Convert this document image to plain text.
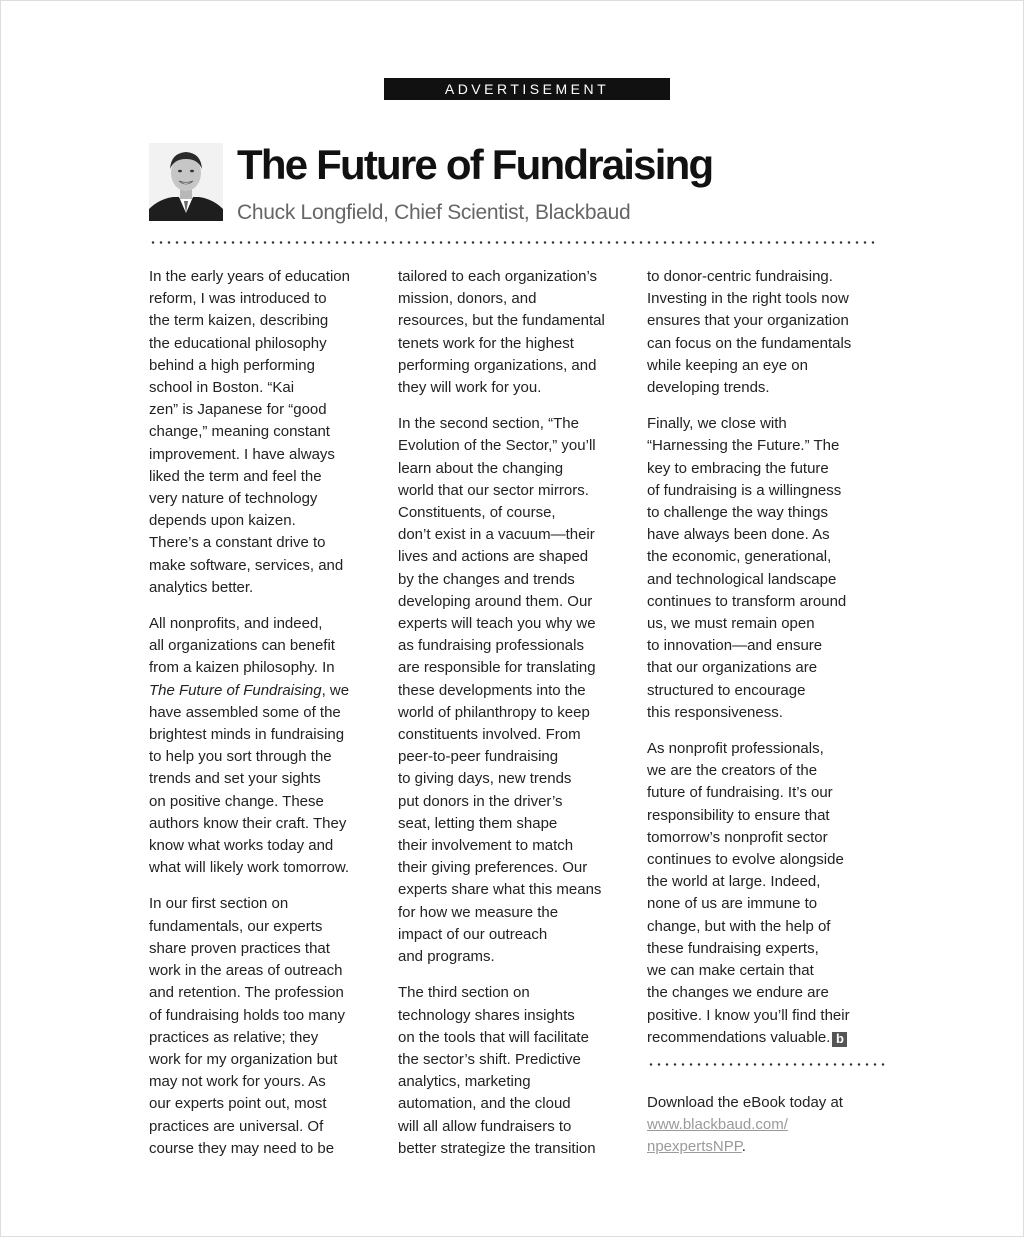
ADVERTISEMENT
The Future of Fundraising
Chuck Longfield, Chief Scientist, Blackbaud

In the early years of education
reform, I was introduced to
the term kaizen, describing
the educational philosophy
behind a high performing
school in Boston. “Kai
zen” is Japanese for “good
change,” meaning constant
improvement. I have always
liked the term and feel the
very nature of technology
depends upon kaizen.
There’s a constant drive to
make software, services, and
analytics better.

All nonprofits, and indeed,
all organizations can benefit
from a kaizen philosophy. In
The Future of Fundraising, we
have assembled some of the
brightest minds in fundraising
to help you sort through the
trends and set your sights
on positive change. These
authors know their craft. They
know what works today and
what will likely work tomorrow.

In our first section on
fundamentals, our experts
share proven practices that
work in the areas of outreach
and retention. The profession
of fundraising holds too many
practices as relative; they
work for my organization but
may not work for yours. As
our experts point out, most
practices are universal. Of
course they may need to be

tailored to each organization’s
mission, donors, and
resources, but the fundamental
tenets work for the highest
performing organizations, and
they will work for you.

In the second section, “The
Evolution of the Sector,” you’ll
learn about the changing
world that our sector mirrors.
Constituents, of course,
don’t exist in a vacuum—their
lives and actions are shaped
by the changes and trends
developing around them. Our
experts will teach you why we
as fundraising professionals
are responsible for translating
these developments into the
world of philanthropy to keep
constituents involved. From
peer-to-peer fundraising
to giving days, new trends
put donors in the driver’s
seat, letting them shape
their involvement to match
their giving preferences. Our
experts share what this means
for how we measure the
impact of our outreach
and programs.

The third section on
technology shares insights
on the tools that will facilitate
the sector’s shift. Predictive
analytics, marketing
automation, and the cloud
will all allow fundraisers to
better strategize the transition

to donor-centric fundraising.
Investing in the right tools now
ensures that your organization
can focus on the fundamentals
while keeping an eye on
developing trends.

Finally, we close with
“Harnessing the Future.” The
key to embracing the future
of fundraising is a willingness
to challenge the way things
have always been done. As
the economic, generational,
and technological landscape
continues to transform around
us, we must remain open
to innovation—and ensure
that our organizations are
structured to encourage
this responsiveness.

As nonprofit professionals,
we are the creators of the
future of fundraising. It’s our
responsibility to ensure that
tomorrow’s nonprofit sector
continues to evolve alongside
the world at large. Indeed,
none of us are immune to
change, but with the help of
these fundraising experts,
we can make certain that
the changes we endure are
positive. I know you’ll find their
recommendations valuable. b

Download the eBook today at
www.blackbaud.com/
npexpertsNPP.
